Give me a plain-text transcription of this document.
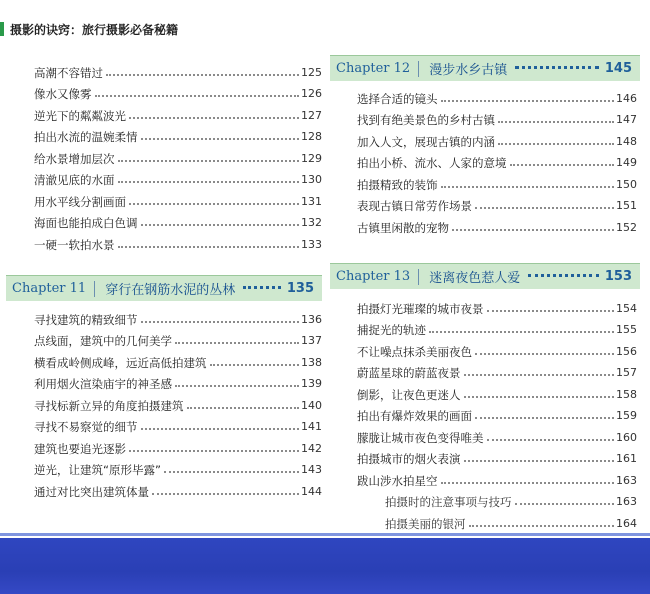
摄影的诀窍：旅行摄影必备秘籍
高潮不容错过	125
像水又像雾	126
逆光下的粼粼波光	127
拍出水流的温婉柔情	128
给水景增加层次	129
清澈见底的水面	130
用水平线分割画面	131
海面也能拍成白色调	132
一硬一软拍水景	133
Chapter 11	穿行在钢筋水泥的丛林	135
寻找建筑的精致细节	136
点线面，建筑中的几何美学	137
横看成岭侧成峰，远近高低拍建筑	138
利用烟火渲染庙宇的神圣感	139
寻找标新立异的角度拍摄建筑	140
寻找不易察觉的细节	141
建筑也要追光逐影	142
逆光，让建筑“原形毕露”	143
通过对比突出建筑体量	144
Chapter 12	漫步水乡古镇	145
选择合适的镜头	146
找到有绝美景色的乡村古镇	147
加入人文，展现古镇的内涵	148
拍出小桥、流水、人家的意境	149
拍摄精致的装饰	150
表现古镇日常劳作场景	151
古镇里闲散的宠物	152
Chapter 13	迷离夜色惹人爱	153
拍摄灯光璀璨的城市夜景	154
捕捉光的轨迹	155
不让噪点抹杀美丽夜色	156
蔚蓝星球的蔚蓝夜景	157
倒影，让夜色更迷人	158
拍出有爆炸效果的画面	159
朦胧让城市夜色变得唯美	160
拍摄城市的烟火表演	161
跋山涉水拍星空	163
拍摄时的注意事项与技巧	163
拍摄美丽的银河	164
